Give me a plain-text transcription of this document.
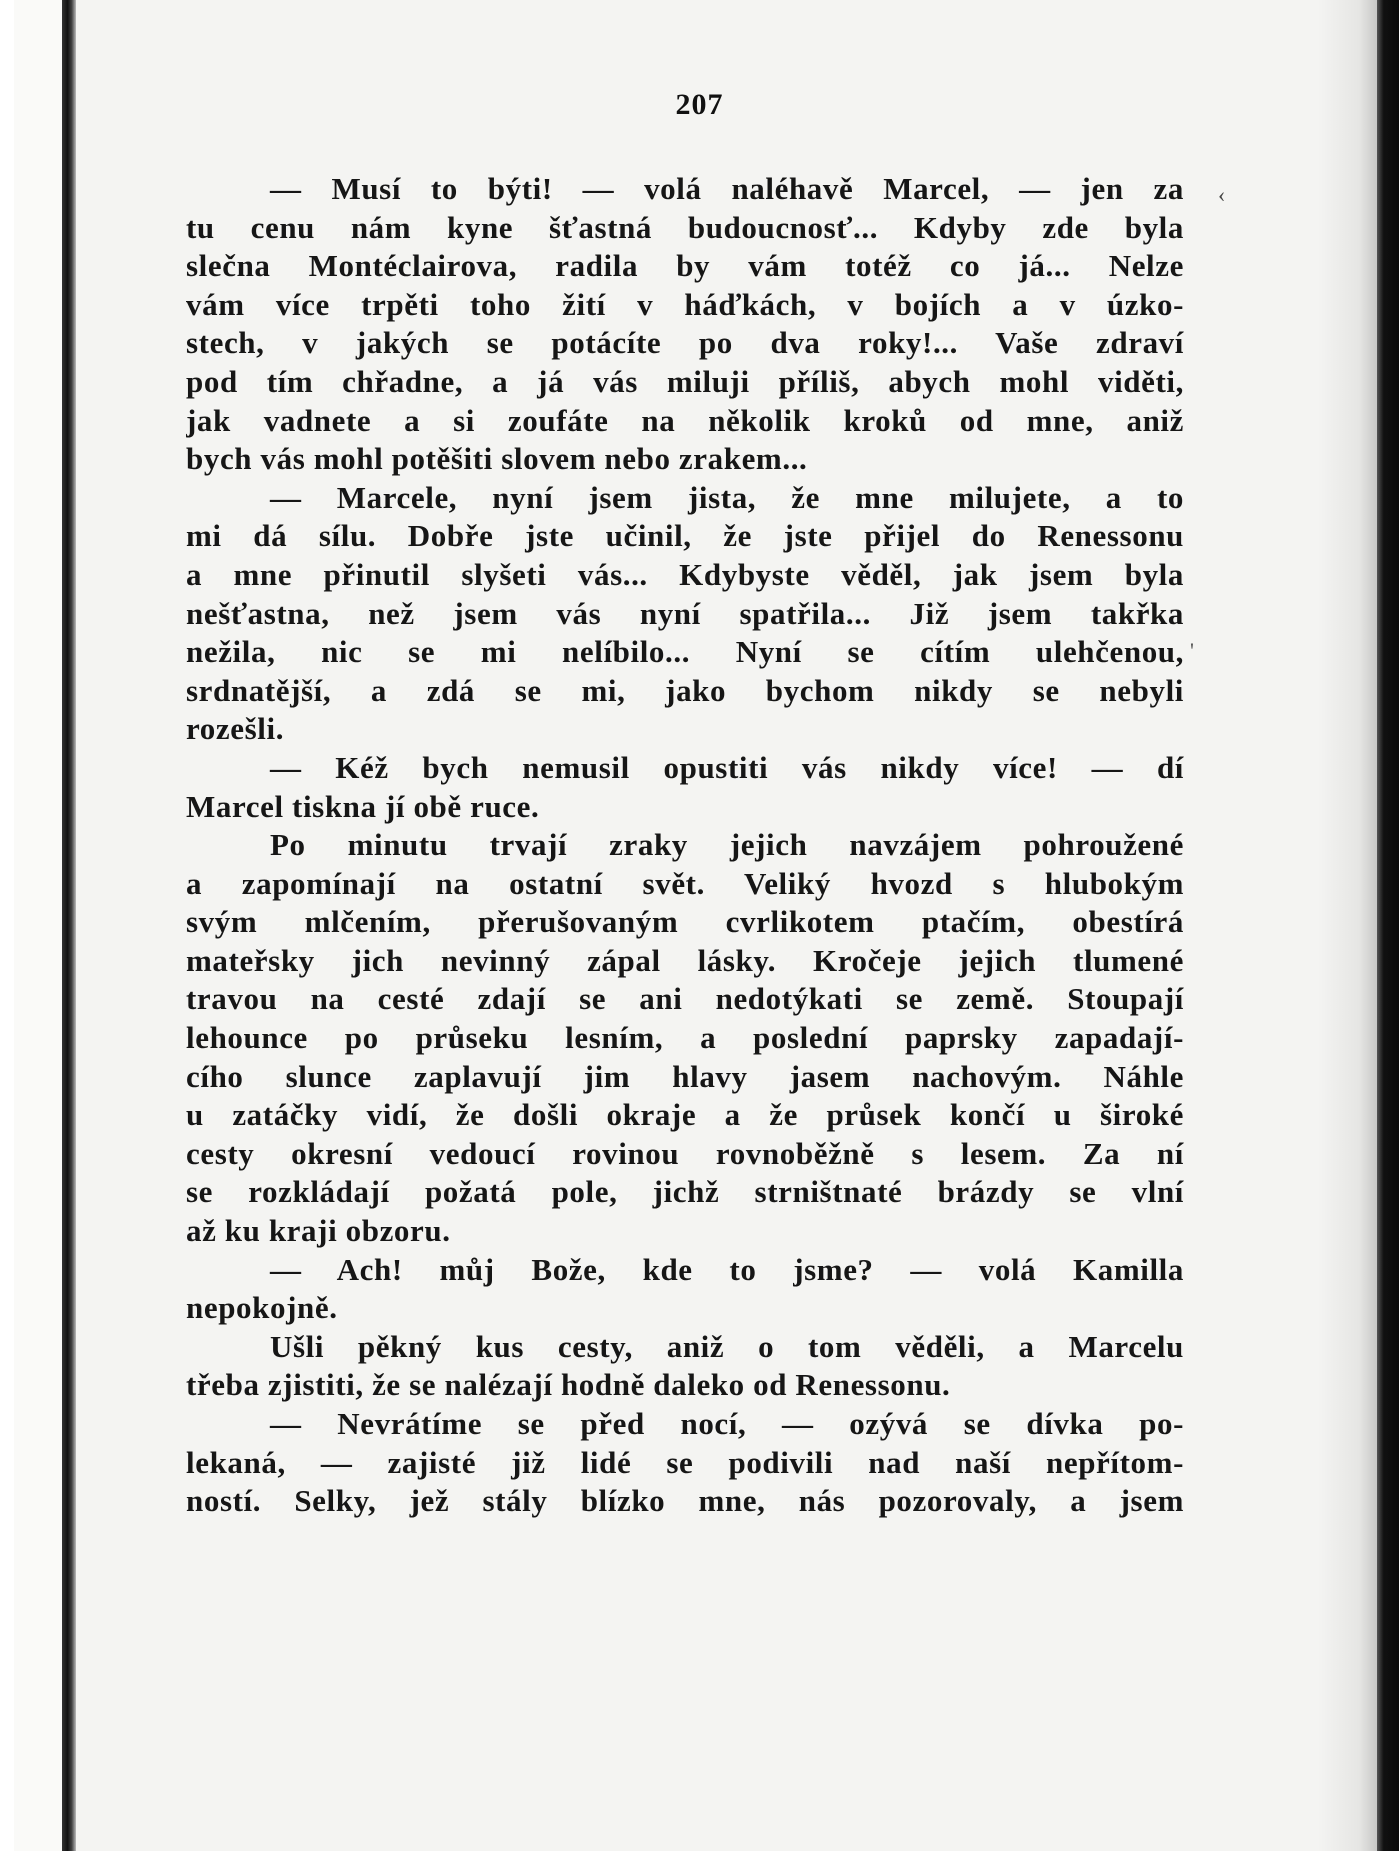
207
‹
'
— Musí to býti! — volá naléhavě Marcel, — jen za
tu cenu nám kyne šťastná budoucnosť... Kdyby zde byla
slečna Montéclairova, radila by vám totéž co já... Nelze
vám více trpěti toho žití v háďkách, v bojích a v úzko-
stech, v jakých se potácíte po dva roky!... Vaše zdraví
pod tím chřadne, a já vás miluji příliš, abych mohl viděti,
jak vadnete a si zoufáte na několik kroků od mne, aniž
bych vás mohl potěšiti slovem nebo zrakem...
— Marcele, nyní jsem jista, že mne milujete, a to
mi dá sílu. Dobře jste učinil, že jste přijel do Renessonu
a mne přinutil slyšeti vás... Kdybyste věděl, jak jsem byla
nešťastna, než jsem vás nyní spatřila... Již jsem takřka
nežila, nic se mi nelíbilo... Nyní se cítím ulehčenou,
srdnatější, a zdá se mi, jako bychom nikdy se nebyli
rozešli.
— Kéž bych nemusil opustiti vás nikdy více! — dí
Marcel tiskna jí obě ruce.
Po minutu trvají zraky jejich navzájem pohroužené
a zapomínají na ostatní svět. Veliký hvozd s hlubokým
svým mlčením, přerušovaným cvrlikotem ptačím, obestírá
mateřsky jich nevinný zápal lásky. Kročeje jejich tlumené
travou na cesté zdají se ani nedotýkati se země. Stoupají
lehounce po průseku lesním, a poslední paprsky zapadají-
cího slunce zaplavují jim hlavy jasem nachovým. Náhle
u zatáčky vidí, že došli okraje a že průsek končí u široké
cesty okresní vedoucí rovinou rovnoběžně s lesem. Za ní
se rozkládají požatá pole, jichž strništnaté brázdy se vlní
až ku kraji obzoru.
— Ach! můj Bože, kde to jsme? — volá Kamilla
nepokojně.
Ušli pěkný kus cesty, aniž o tom věděli, a Marcelu
třeba zjistiti, že se nalézají hodně daleko od Renessonu.
— Nevrátíme se před nocí, — ozývá se dívka po-
lekaná, — zajisté již lidé se podivili nad naší nepřítom-
ností. Selky, jež stály blízko mne, nás pozorovaly, a jsem
